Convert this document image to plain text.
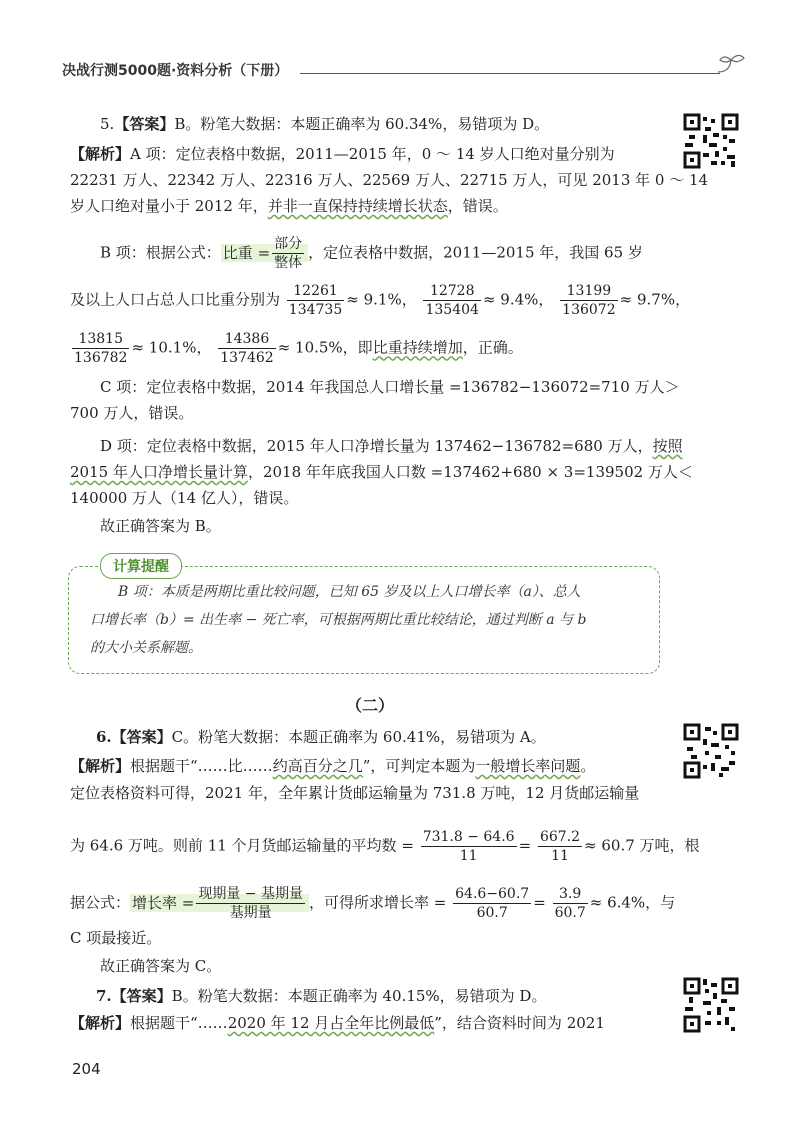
决战行测5000题·资料分析（下册）
5.【答案】B。粉笔大数据：本题正确率为 60.34%，易错项为 D。
【解析】A 项：定位表格中数据，2011—2015 年，0 ～ 14 岁人口绝对量分别为
22231 万人、22342 万人、22316 万人、22569 万人、22715 万人，可见 2013 年 0 ～ 14
岁人口绝对量小于 2012 年，并非一直保持持续增长状态，错误。
B 项：根据公式： 比重 = $\frac{\text{部分}}{\text{整体}}$ ，定位表格中数据，2011—2015 年，我国 65 岁
及以上人口占总人口比重分别为 $\frac{12261}{134735} \approx 9.1\%$， $\frac{12728}{135404} \approx 9.4\%$， $\frac{13199}{136072} \approx 9.7\%$，
$\frac{13815}{136782} \approx 10.1\%$， $\frac{14386}{137462} \approx 10.5\%$，即比重持续增加，正确。
C 项：定位表格中数据，2014 年我国总人口增长量 =136782−136072=710 万人＞
700 万人，错误。
D 项：定位表格中数据，2015 年人口净增长量为 137462−136782=680 万人，按照
2015 年人口净增长量计算，2018 年年底我国人口数 =137462+680 × 3=139502 万人＜
140000 万人（14 亿人），错误。
故正确答案为 B。
计算提醒
B 项：本质是两期比重比较问题，已知 65 岁及以上人口增长率（a）、总人
口增长率（b）= 出生率 − 死亡率，可根据两期比重比较结论，通过判断 a 与 b
的大小关系解题。
（二）
6.【答案】C。粉笔大数据：本题正确率为 60.41%，易错项为 A。
【解析】根据题干“……比……约高百分之几”，可判定本题为一般增长率问题。
定位表格资料可得，2021 年，全年累计货邮运输量为 731.8 万吨，12 月货邮运输量
为 64.6 万吨。则前 11 个月货邮运输量的平均数 = $\frac{731.8 - 64.6}{11} = \frac{667.2}{11} \approx 60.7$ 万吨，根
据公式： 增长率 = $\frac{\text{现期量 − 基期量}}{\text{基期量}}$ ，可得所求增长率 = $\frac{64.6-60.7}{60.7} = \frac{3.9}{60.7} \approx 6.4\%$，与
C 项最接近。
故正确答案为 C。
7.【答案】B。粉笔大数据：本题正确率为 40.15%，易错项为 D。
【解析】根据题干“……2020 年 12 月占全年比例最低”，结合资料时间为 2021
204
